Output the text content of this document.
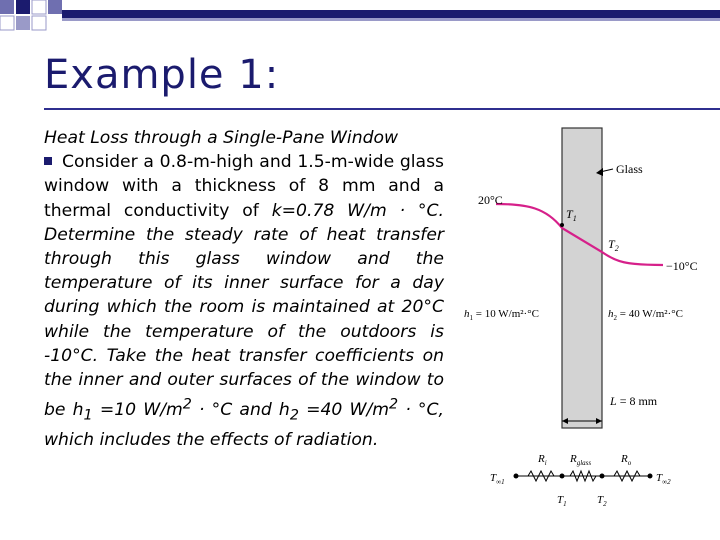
Example 1:
Heat Loss through a Single-Pane Window
Consider a 0.8-m-high and 1.5-m-wide glass window with a thickness of 8 mm and a thermal conductivity of k=0.78 W/m · °C. Determine the steady rate of heat transfer through this glass window and the temperature of its inner surface for a day during which the room is maintained at 20°C while the temperature of the outdoors is -10°C. Take the heat transfer coefficients on the inner and outer surfaces of the window to be $h_1 =10$ $W/m^2 \cdot ^\circ C$ and $h_2 =40$ $W/m^2 \cdot ^\circ C$, which includes the effects of radiation.
Glass
20°C
−10°C
$T_1$
$T_2$
$h_1 = 10$ W/m²·°C	$h_2 = 40$ W/m²·°C
L = 8 mm
$T_{\infty 1}$	$T_{\infty 2}$
$R_i$ $R_{glass}$	$R_o$
$T_1$	$T_2$
